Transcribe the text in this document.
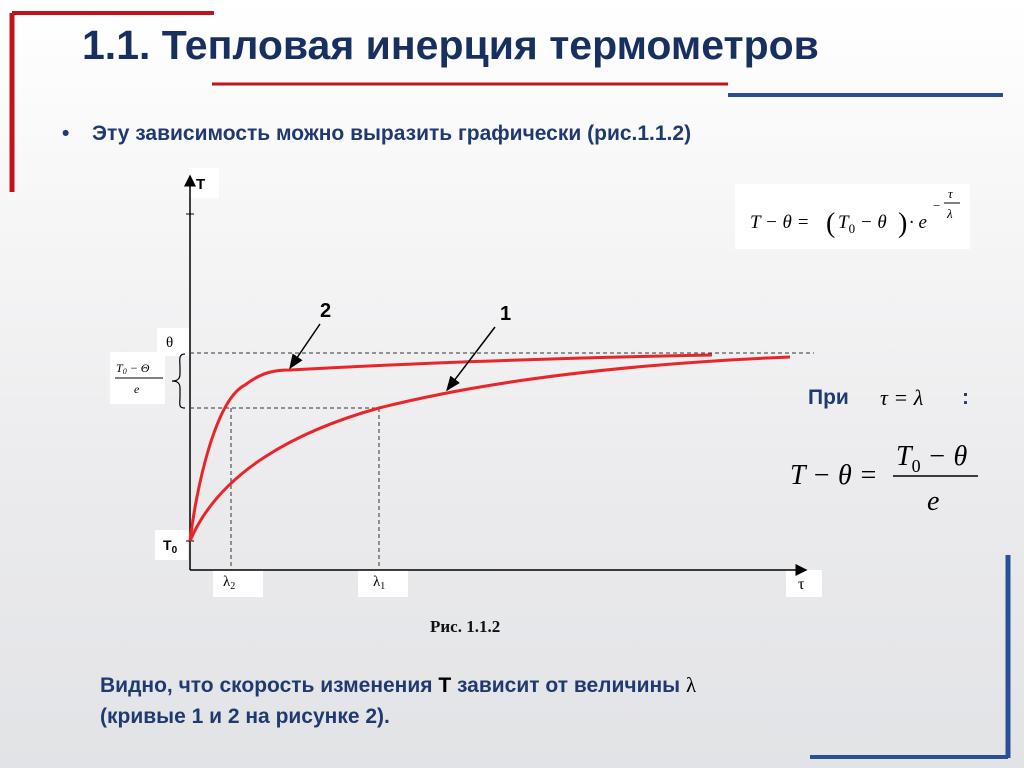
1.1. Тепловая инерция термометров
• Эту зависимость можно выразить графически (рис.1.1.2)
2	1
T
τ
θ
$T_0$
$\lambda_2$	$\lambda_1$
T0 − Θ
e
T − θ = ( $T_0 - \theta$ ) · e
−
τ
λ
τ = λ
T − θ =
$T_0 - \theta$
e
Рис. 1.1.2
При	:
Видно, что скорость изменения T зависит от величины λ
(кривые 1 и 2 на рисунке 2).
